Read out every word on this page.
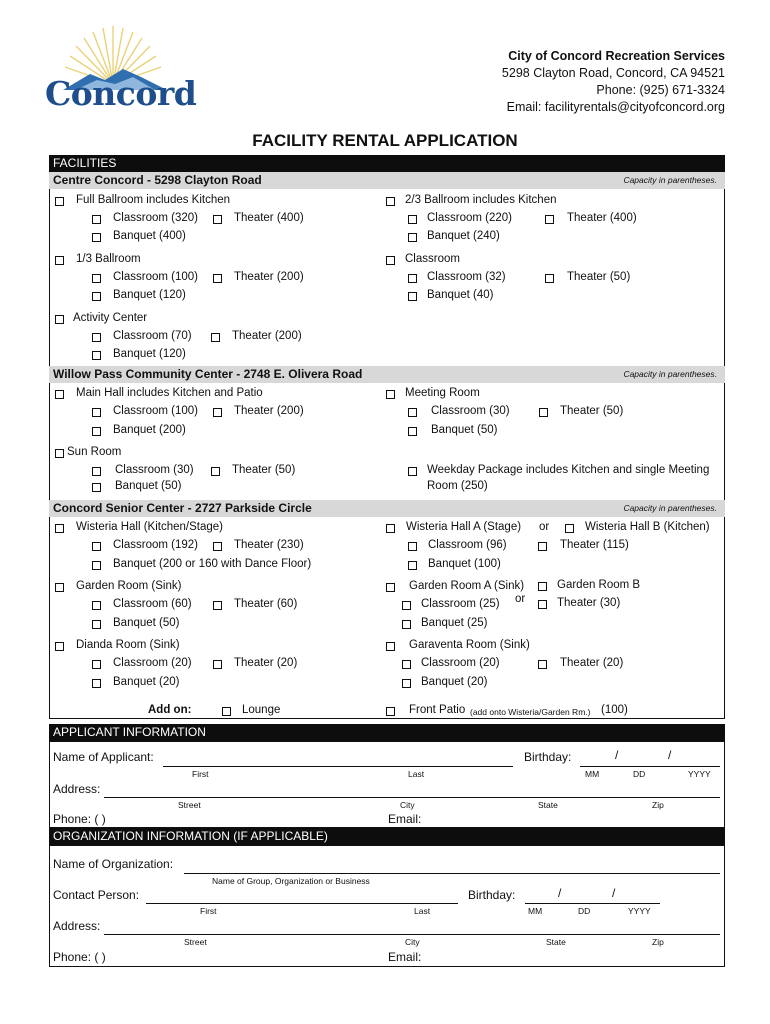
Concord
City of Concord Recreation Services
5298 Clayton Road, Concord, CA 94521
Phone: (925) 671-3324
Email: facilityrentals@cityofconcord.org
FACILITY RENTAL APPLICATION
FACILITIES
Centre Concord - 5298 Clayton Road	Capacity in parentheses.
Full Ballroom includes Kitchen
Classroom (320)	Theater (400)
Banquet (400)
2/3 Ballroom includes Kitchen
Classroom (220)	Theater (400)
Banquet (240)
1/3 Ballroom
Classroom (100)	Theater (200)
Banquet (120)
Classroom
Classroom (32)	Theater (50)
Banquet (40)
Activity Center
Classroom (70)	Theater (200)
Banquet (120)
Willow Pass Community Center - 2748 E. Olivera Road	Capacity in parentheses.
Main Hall includes Kitchen and Patio
Classroom (100)	Theater (200)
Banquet (200)
Meeting Room
Classroom (30)	Theater (50)
Banquet (50)
Sun Room
Classroom (30)	Theater (50)
Banquet (50)
Weekday Package includes Kitchen and single Meeting
Room (250)
Concord Senior Center - 2727 Parkside Circle	Capacity in parentheses.
Wisteria Hall (Kitchen/Stage)
Classroom (192)	Theater (230)
Banquet (200 or 160 with Dance Floor)
Wisteria Hall A (Stage) or	Wisteria Hall B (Kitchen)
Classroom (96)	Theater (115)
Banquet (100)
Garden Room (Sink)
Classroom (60)	Theater (60)
Banquet (50)
Garden Room A (Sink)	Garden Room B
Classroom (25) or	Theater (30)
Banquet (25)
Dianda Room (Sink)
Classroom (20)	Theater (20)
Banquet (20)
Garaventa Room (Sink)
Classroom (20)	Theater (20)
Banquet (20)
Add on:	Lounge	Front Patio (add onto Wisteria/Garden Rm.) (100)
APPLICANT INFORMATION
Name of Applicant:	Birthday:	/	/
First	Last	MM	DD	YYYY
Address:
Street	City	State	Zip
Phone: ( )	Email:
ORGANIZATION INFORMATION (IF APPLICABLE)
Name of Organization:
Name of Group, Organization or Business
Contact Person:	Birthday:	/	/
First	Last	MM	DD	YYYY
Address:
Street	City	State	Zip
Phone: ( )	Email:
